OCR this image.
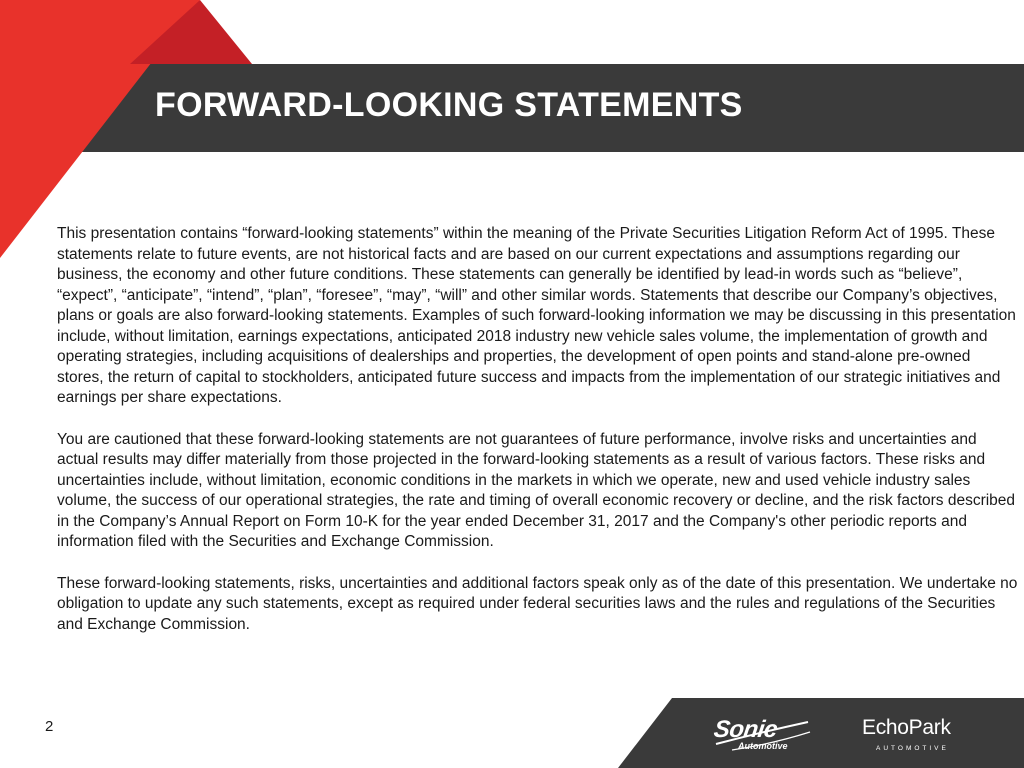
FORWARD-LOOKING STATEMENTS

This presentation contains “forward-looking statements” within the meaning of the Private Securities Litigation Reform Act of 1995. These statements relate to future events, are not historical facts and are based on our current expectations and assumptions regarding our business, the economy and other future conditions. These statements can generally be identified by lead-in words such as “believe”, “expect”, “anticipate”, “intend”, “plan”, “foresee”, “may”, “will” and other similar words. Statements that describe our Company’s objectives, plans or goals are also forward-looking statements. Examples of such forward-looking information we may be discussing in this presentation include, without limitation, earnings expectations, anticipated 2018 industry new vehicle sales volume, the implementation of growth and operating strategies, including acquisitions of dealerships and properties, the development of open points and stand-alone pre-owned stores, the return of capital to stockholders, anticipated future success and impacts from the implementation of our strategic initiatives and earnings per share expectations.

You are cautioned that these forward-looking statements are not guarantees of future performance, involve risks and uncertainties and actual results may differ materially from those projected in the forward-looking statements as a result of various factors. These risks and uncertainties include, without limitation, economic conditions in the markets in which we operate, new and used vehicle industry sales volume, the success of our operational strategies, the rate and timing of overall economic recovery or decline, and the risk factors described in the Company’s Annual Report on Form 10-K for the year ended December 31, 2017 and the Company's other periodic reports and information filed with the Securities and Exchange Commission.

These forward-looking statements, risks, uncertainties and additional factors speak only as of the date of this presentation. We undertake no obligation to update any such statements, except as required under federal securities laws and the rules and regulations of the Securities and Exchange Commission.

2	Sonic
Automotive
EchoPark
AUTOMOTIVE
